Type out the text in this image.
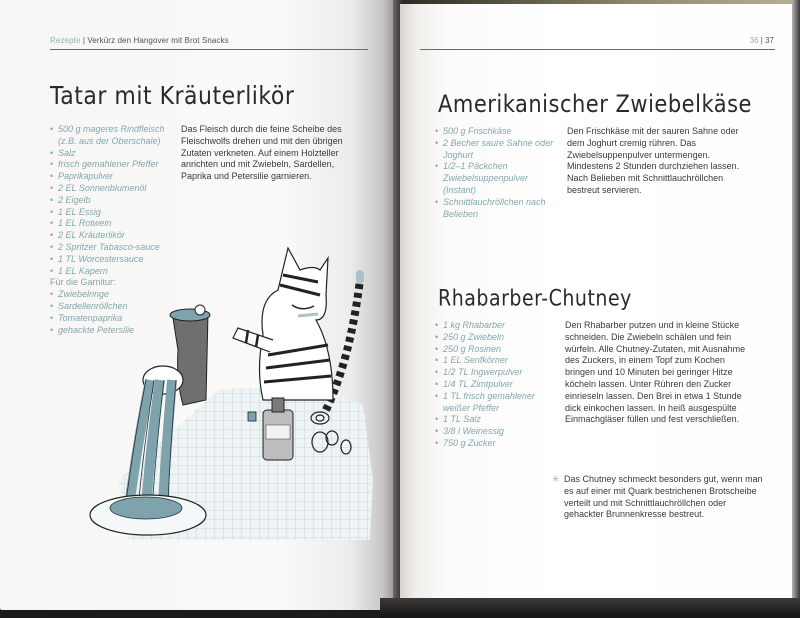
Rezepte | Verkürz den Hangover mit Brot Snacks
Tatar mit Kräuterlikör
• 500 g mageres Rindfleisch (z.B. aus der Oberschale)
• Salz
• frisch gemahlener Pfeffer
• Paprikapulver
• 2 EL Sonnenblumenöl
• 2 Eigelb
• 1 EL Essig
• 1 EL Rotwein
• 2 EL Kräuterlikör
• 2 Spritzer Tabasco-sauce
• 1 TL Worcestersauce
• 1 EL Kapern
Für die Garnitur:
• Zwiebelringe
• Sardellenröllchen
• Tomatenpaprika
• gehackte Petersilie

Das Fleisch durch die feine Scheibe des Fleischwolfs drehen und mit den übrigen Zutaten verkneten. Auf einem Holzteller anrichten und mit Zwiebeln, Sardellen, Paprika und Petersilie garnieren.

36 | 37
Amerikanischer Zwiebelkäse
• 500 g Frischkäse
• 2 Becher saure Sahne oder Joghurt
• 1/2–1 Päckchen Zwiebelsuppenpulver (Instant)
• Schnittlauchröllchen nach Belieben

Den Frischkäse mit der sauren Sahne oder dem Joghurt cremig rühren. Das Zwiebelsuppenpulver untermengen. Mindestens 2 Stunden durchziehen lassen. Nach Belieben mit Schnittlauchröllchen bestreut servieren.

Rhabarber-Chutney
• 1 kg Rhabarber
• 250 g Zwiebeln
• 250 g Rosinen
• 1 EL Senfkörner
• 1/2 TL Ingwerpulver
• 1/4 TL Zimtpulver
• 1 TL frisch gemahlener weißer Pfeffer
• 1 TL Salz
• 3/8 l Weinessig
• 750 g Zucker

Den Rhabarber putzen und in kleine Stücke schneiden. Die Zwiebeln schälen und fein würfeln. Alle Chutney-Zutaten, mit Ausnahme des Zuckers, in einem Topf zum Kochen bringen und 10 Minuten bei geringer Hitze köcheln lassen. Unter Rühren den Zucker einrieseln lassen. Den Brei in etwa 1 Stunde dick einkochen lassen. In heiß ausgespülte Einmachgläser füllen und fest verschließen.

✳ Das Chutney schmeckt besonders gut, wenn man es auf einer mit Quark bestrichenen Brotscheibe verteilt und mit Schnittlauchröllchen oder gehackter Brunnenkresse bestreut.
